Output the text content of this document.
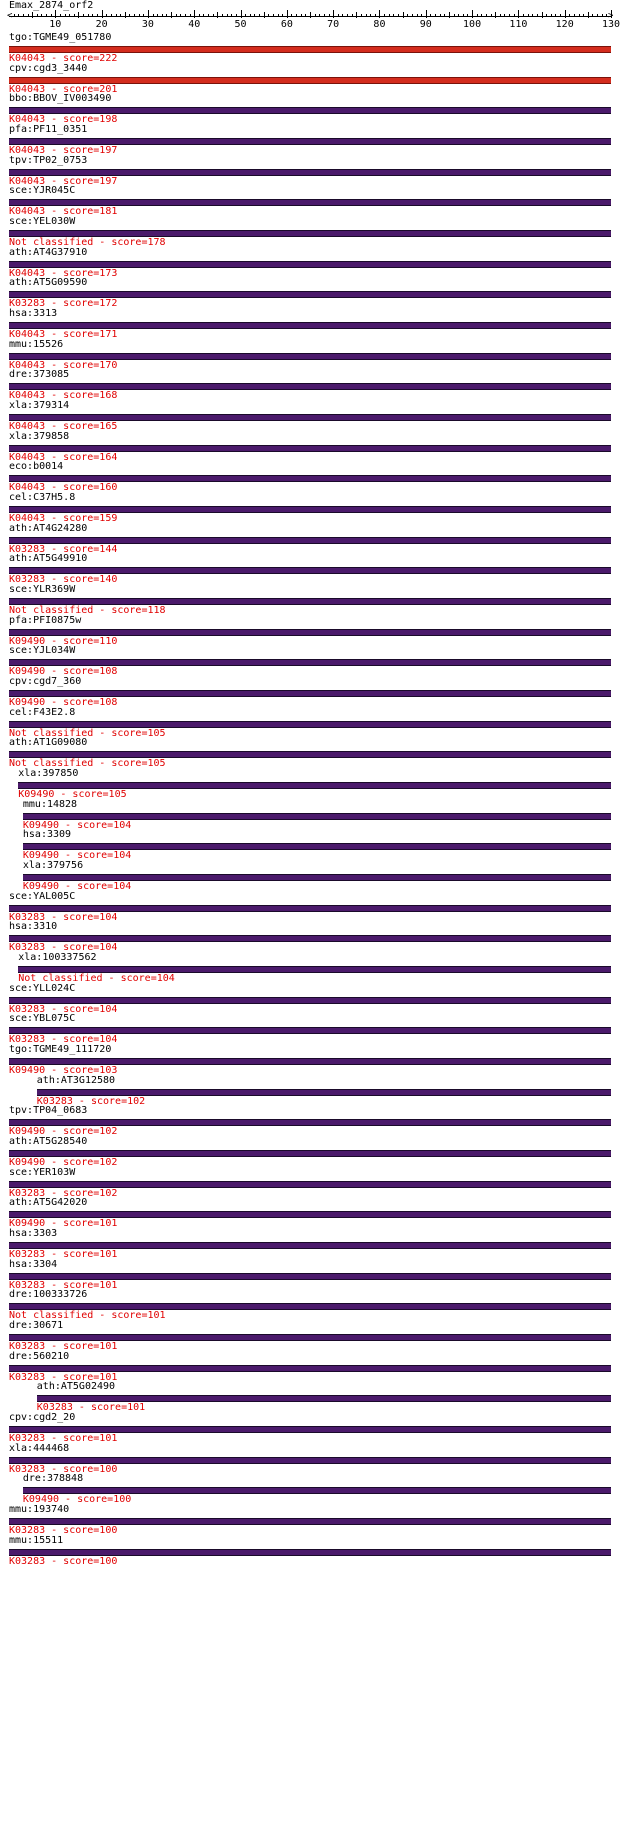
Emax_2874_orf2
10	20	30	40	50	60	70	80	90	100	110	120	130
<	>
tgo:TGME49_051780
K04043 - score=222
cpv:cgd3_3440
K04043 - score=201
bbo:BBOV_IV003490
K04043 - score=198
pfa:PF11_0351
K04043 - score=197
tpv:TP02_0753
K04043 - score=197
sce:YJR045C
K04043 - score=181
sce:YEL030W
Not classified - score=178
ath:AT4G37910
K04043 - score=173
ath:AT5G09590
K03283 - score=172
hsa:3313
K04043 - score=171
mmu:15526
K04043 - score=170
dre:373085
K04043 - score=168
xla:379314
K04043 - score=165
xla:379858
K04043 - score=164
eco:b0014
K04043 - score=160
cel:C37H5.8
K04043 - score=159
ath:AT4G24280
K03283 - score=144
ath:AT5G49910
K03283 - score=140
sce:YLR369W
Not classified - score=118
pfa:PFI0875w
K09490 - score=110
sce:YJL034W
K09490 - score=108
cpv:cgd7_360
K09490 - score=108
cel:F43E2.8
Not classified - score=105
ath:AT1G09080
Not classified - score=105
xla:397850
K09490 - score=105
mmu:14828
K09490 - score=104
hsa:3309
K09490 - score=104
xla:379756
K09490 - score=104
sce:YAL005C
K03283 - score=104
hsa:3310
K03283 - score=104
xla:100337562
Not classified - score=104
sce:YLL024C
K03283 - score=104
sce:YBL075C
K03283 - score=104
tgo:TGME49_111720
K09490 - score=103
ath:AT3G12580
K03283 - score=102
tpv:TP04_0683
K09490 - score=102
ath:AT5G28540
K09490 - score=102
sce:YER103W
K03283 - score=102
ath:AT5G42020
K09490 - score=101
hsa:3303
K03283 - score=101
hsa:3304
K03283 - score=101
dre:100333726
Not classified - score=101
dre:30671
K03283 - score=101
dre:560210
K03283 - score=101
ath:AT5G02490
K03283 - score=101
cpv:cgd2_20
K03283 - score=101
xla:444468
K03283 - score=100
dre:378848
K09490 - score=100
mmu:193740
K03283 - score=100
mmu:15511
K03283 - score=100
